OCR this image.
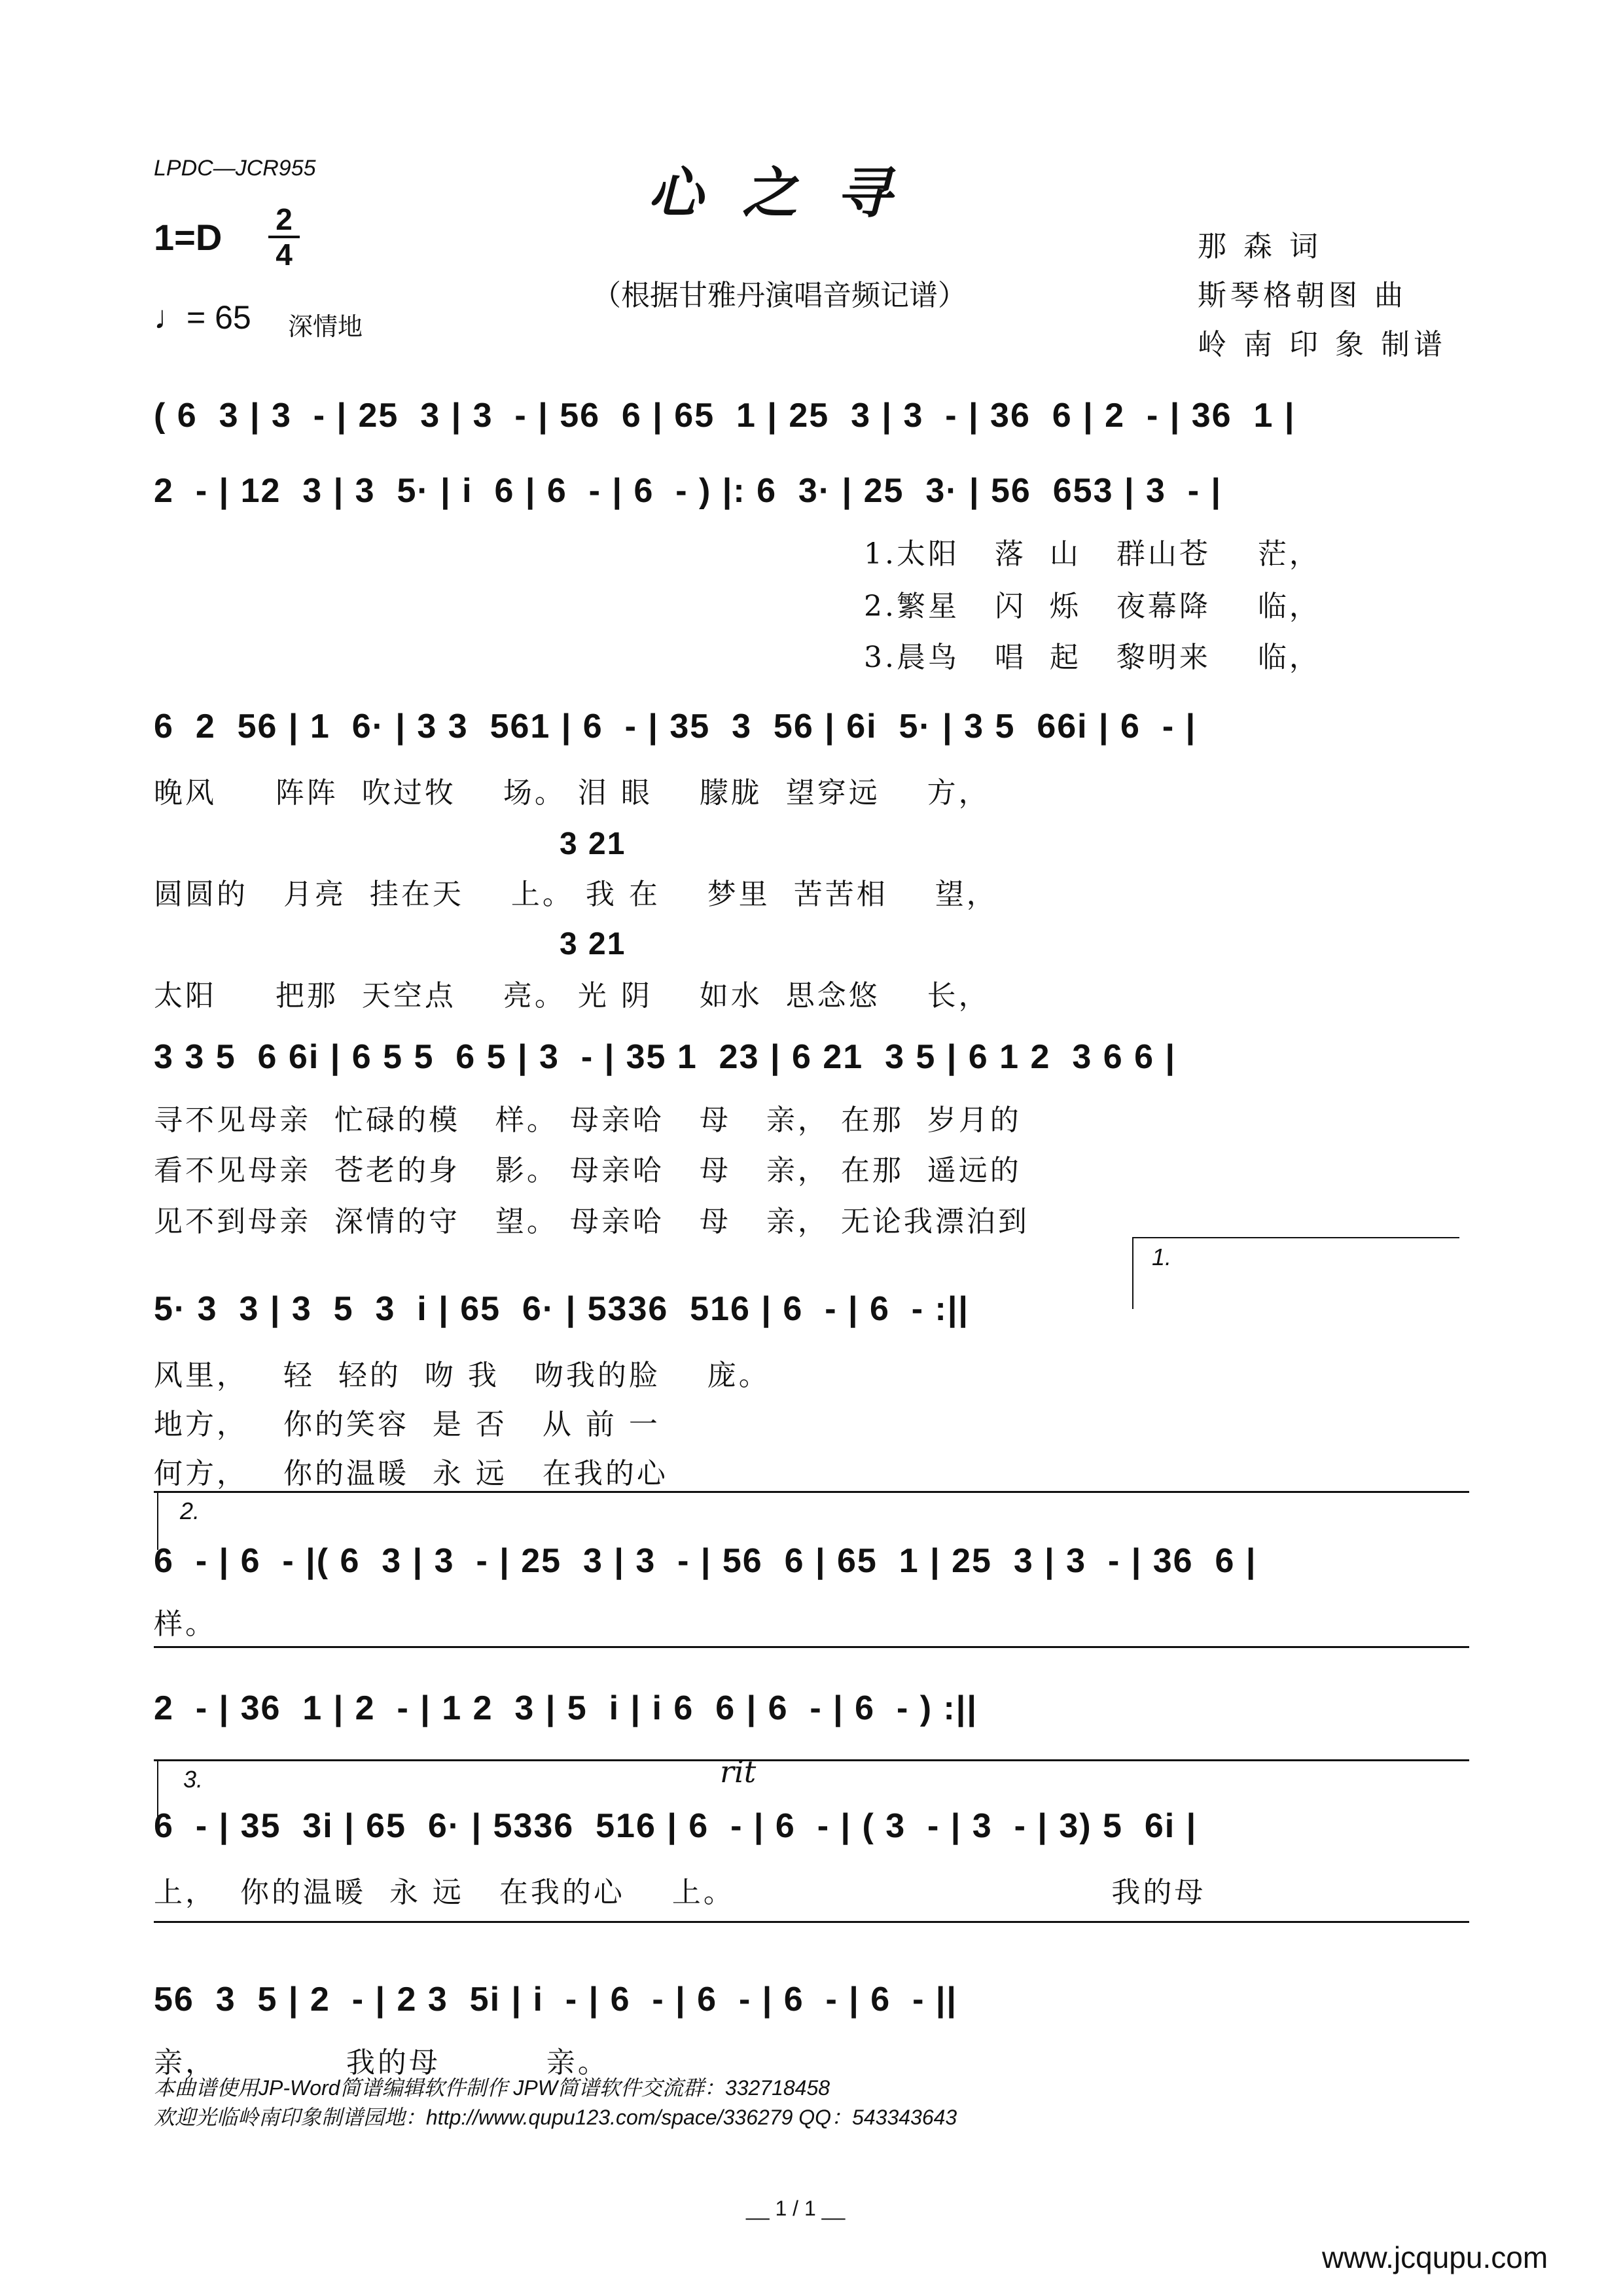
LPDC—JCR955	心之寻
1=D 2
4
♩= 65 深情地
（根据甘雅丹演唱音频记谱）
那 森 词
斯琴格朝图 曲
岭 南 印 象 制谱
( 6  3 | 3  - | 25  3 | 3  - | 56  6 | 65  1 | 25  3 | 3  - | 36  6 | 2  - | 36  1 |
2  - | 12  3 | 3  5· | i  6 | 6  - | 6  - ) |: 6  3· | 25  3· | 56  653 | 3  - |
1.太阳   落  山   群山苍    茫，
2.繁星   闪  烁   夜幕降    临，
3.晨鸟   唱  起   黎明来    临，
6  2  56 | 1  6· | 3 3  561 | 6  - | 35  3  56 | 6i  5· | 3 5  66i | 6  - |
晚风     阵阵  吹过牧    场。 泪 眼    朦胧  望穿远    方，
3 21
圆圆的   月亮  挂在天    上。 我 在    梦里  苦苦相    望，
3 21
太阳     把那  天空点    亮。 光 阴    如水  思念悠    长，
3 3 5  6 6i | 6 5 5  6 5 | 3  - | 35 1  23 | 6 21  3 5 | 6 1 2  3 6 6 |
寻不见母亲  忙碌的模   样。 母亲哈   母   亲， 在那  岁月的
看不见母亲  苍老的身   影。 母亲哈   母   亲， 在那  遥远的
见不到母亲  深情的守   望。 母亲哈   母   亲， 无论我漂泊到
1.
5· 3  3 | 3  5  3  i | 65  6· | 5336  516 | 6  - | 6  - :||
风里，   轻  轻的  吻 我   吻我的脸    庞。
地方，   你的笑容  是 否   从 前 一
何方，   你的温暖  永 远   在我的心
2.
6  - | 6  - |( 6  3 | 3  - | 25  3 | 3  - | 56  6 | 65  1 | 25  3 | 3  - | 36  6 |
样。
2  - | 36  1 | 2  - | 1 2  3 | 5  i | i 6  6 | 6  - | 6  - ) :||
3.	rit
6  - | 35  3i | 65  6· | 5336  516 | 6  - | 6  - | ( 3  - | 3  - | 3) 5  6i |
上，  你的温暖  永 远   在我的心    上。                                我的母
56  3  5 | 2  - | 2 3  5i | i  - | 6  - | 6  - | 6  - | 6  - ||
亲，           我的母         亲。
本曲谱使用JP-Word简谱编辑软件制作 JPW简谱软件交流群：332718458
欢迎光临岭南印象制谱园地：http://www.qupu123.com/space/336279 QQ：543343643
__ 1 / 1 __
www.jcqupu.com
